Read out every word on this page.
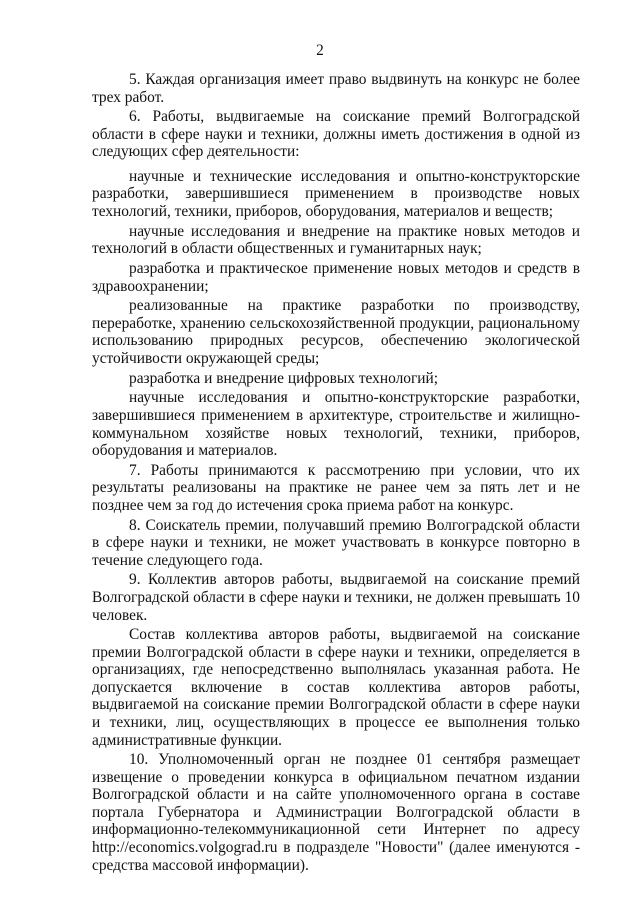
2

5. Каждая организация имеет право выдвинуть на конкурс не более трех работ.

6. Работы, выдвигаемые на соискание премий Волгоградской области в сфере науки и техники, должны иметь достижения в одной из следующих сфер деятельности:

научные и технические исследования и опытно-конструкторские разработки, завершившиеся применением в производстве новых технологий, техники, приборов, оборудования, материалов и веществ;

научные исследования и внедрение на практике новых методов и технологий в области общественных и гуманитарных наук;

разработка и практическое применение новых методов и средств в здравоохранении;

реализованные на практике разработки по производству, переработке, хранению сельскохозяйственной продукции, рациональному использованию природных ресурсов, обеспечению экологической устойчивости окружающей среды;

разработка и внедрение цифровых технологий;

научные исследования и опытно-конструкторские разработки, завершившиеся применением в архитектуре, строительстве и жилищно-коммунальном хозяйстве новых технологий, техники, приборов, оборудования и материалов.

7. Работы принимаются к рассмотрению при условии, что их результаты реализованы на практике не ранее чем за пять лет и не позднее чем за год до истечения срока приема работ на конкурс.

8. Соискатель премии, получавший премию Волгоградской области в сфере науки и техники, не может участвовать в конкурсе повторно в течение следующего года.

9. Коллектив авторов работы, выдвигаемой на соискание премий Волгоградской области в сфере науки и техники, не должен превышать 10 человек.

Состав коллектива авторов работы, выдвигаемой на соискание премии Волгоградской области в сфере науки и техники, определяется в организациях, где непосредственно выполнялась указанная работа. Не допускается включение в состав коллектива авторов работы, выдвигаемой на соискание премии Волгоградской области в сфере науки и техники, лиц, осуществляющих в процессе ее выполнения только административные функции.

10. Уполномоченный орган не позднее 01 сентября размещает извещение о проведении конкурса в официальном печатном издании Волгоградской области и на сайте уполномоченного органа в составе портала Губернатора и Администрации Волгоградской области в информационно-телекоммуникационной сети Интернет по адресу http://economics.volgograd.ru в подразделе "Новости" (далее именуются - средства массовой информации).
